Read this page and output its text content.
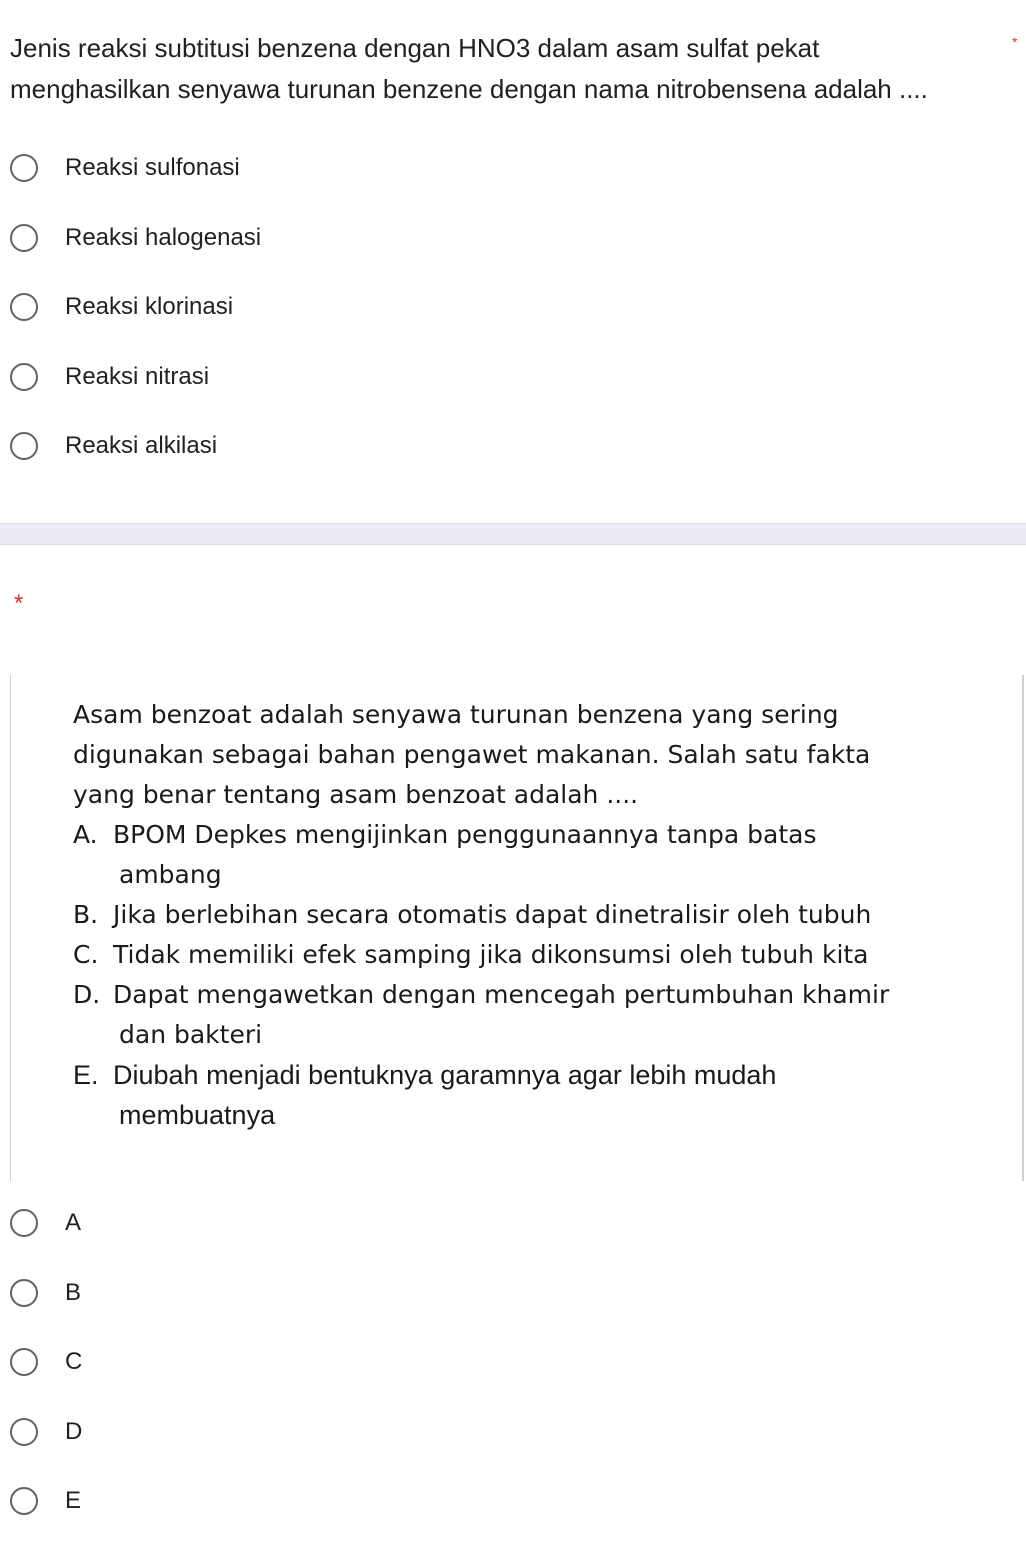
Jenis reaksi subtitusi benzena dengan HNO3 dalam asam sulfat pekat
menghasilkan senyawa turunan benzene dengan nama nitrobensena adalah ....
*
Reaksi sulfonasi
Reaksi halogenasi
Reaksi klorinasi
Reaksi nitrasi
Reaksi alkilasi
*
Asam benzoat adalah senyawa turunan benzena yang sering
digunakan sebagai bahan pengawet makanan. Salah satu fakta
yang benar tentang asam benzoat adalah ....
A. BPOM Depkes mengijinkan penggunaannya tanpa batas
ambang
B. Jika berlebihan secara otomatis dapat dinetralisir oleh tubuh
C. Tidak memiliki efek samping jika dikonsumsi oleh tubuh kita
D. Dapat mengawetkan dengan mencegah pertumbuhan khamir
dan bakteri
E. Diubah menjadi bentuknya garamnya agar lebih mudah
membuatnya
A
B
C
D
E
